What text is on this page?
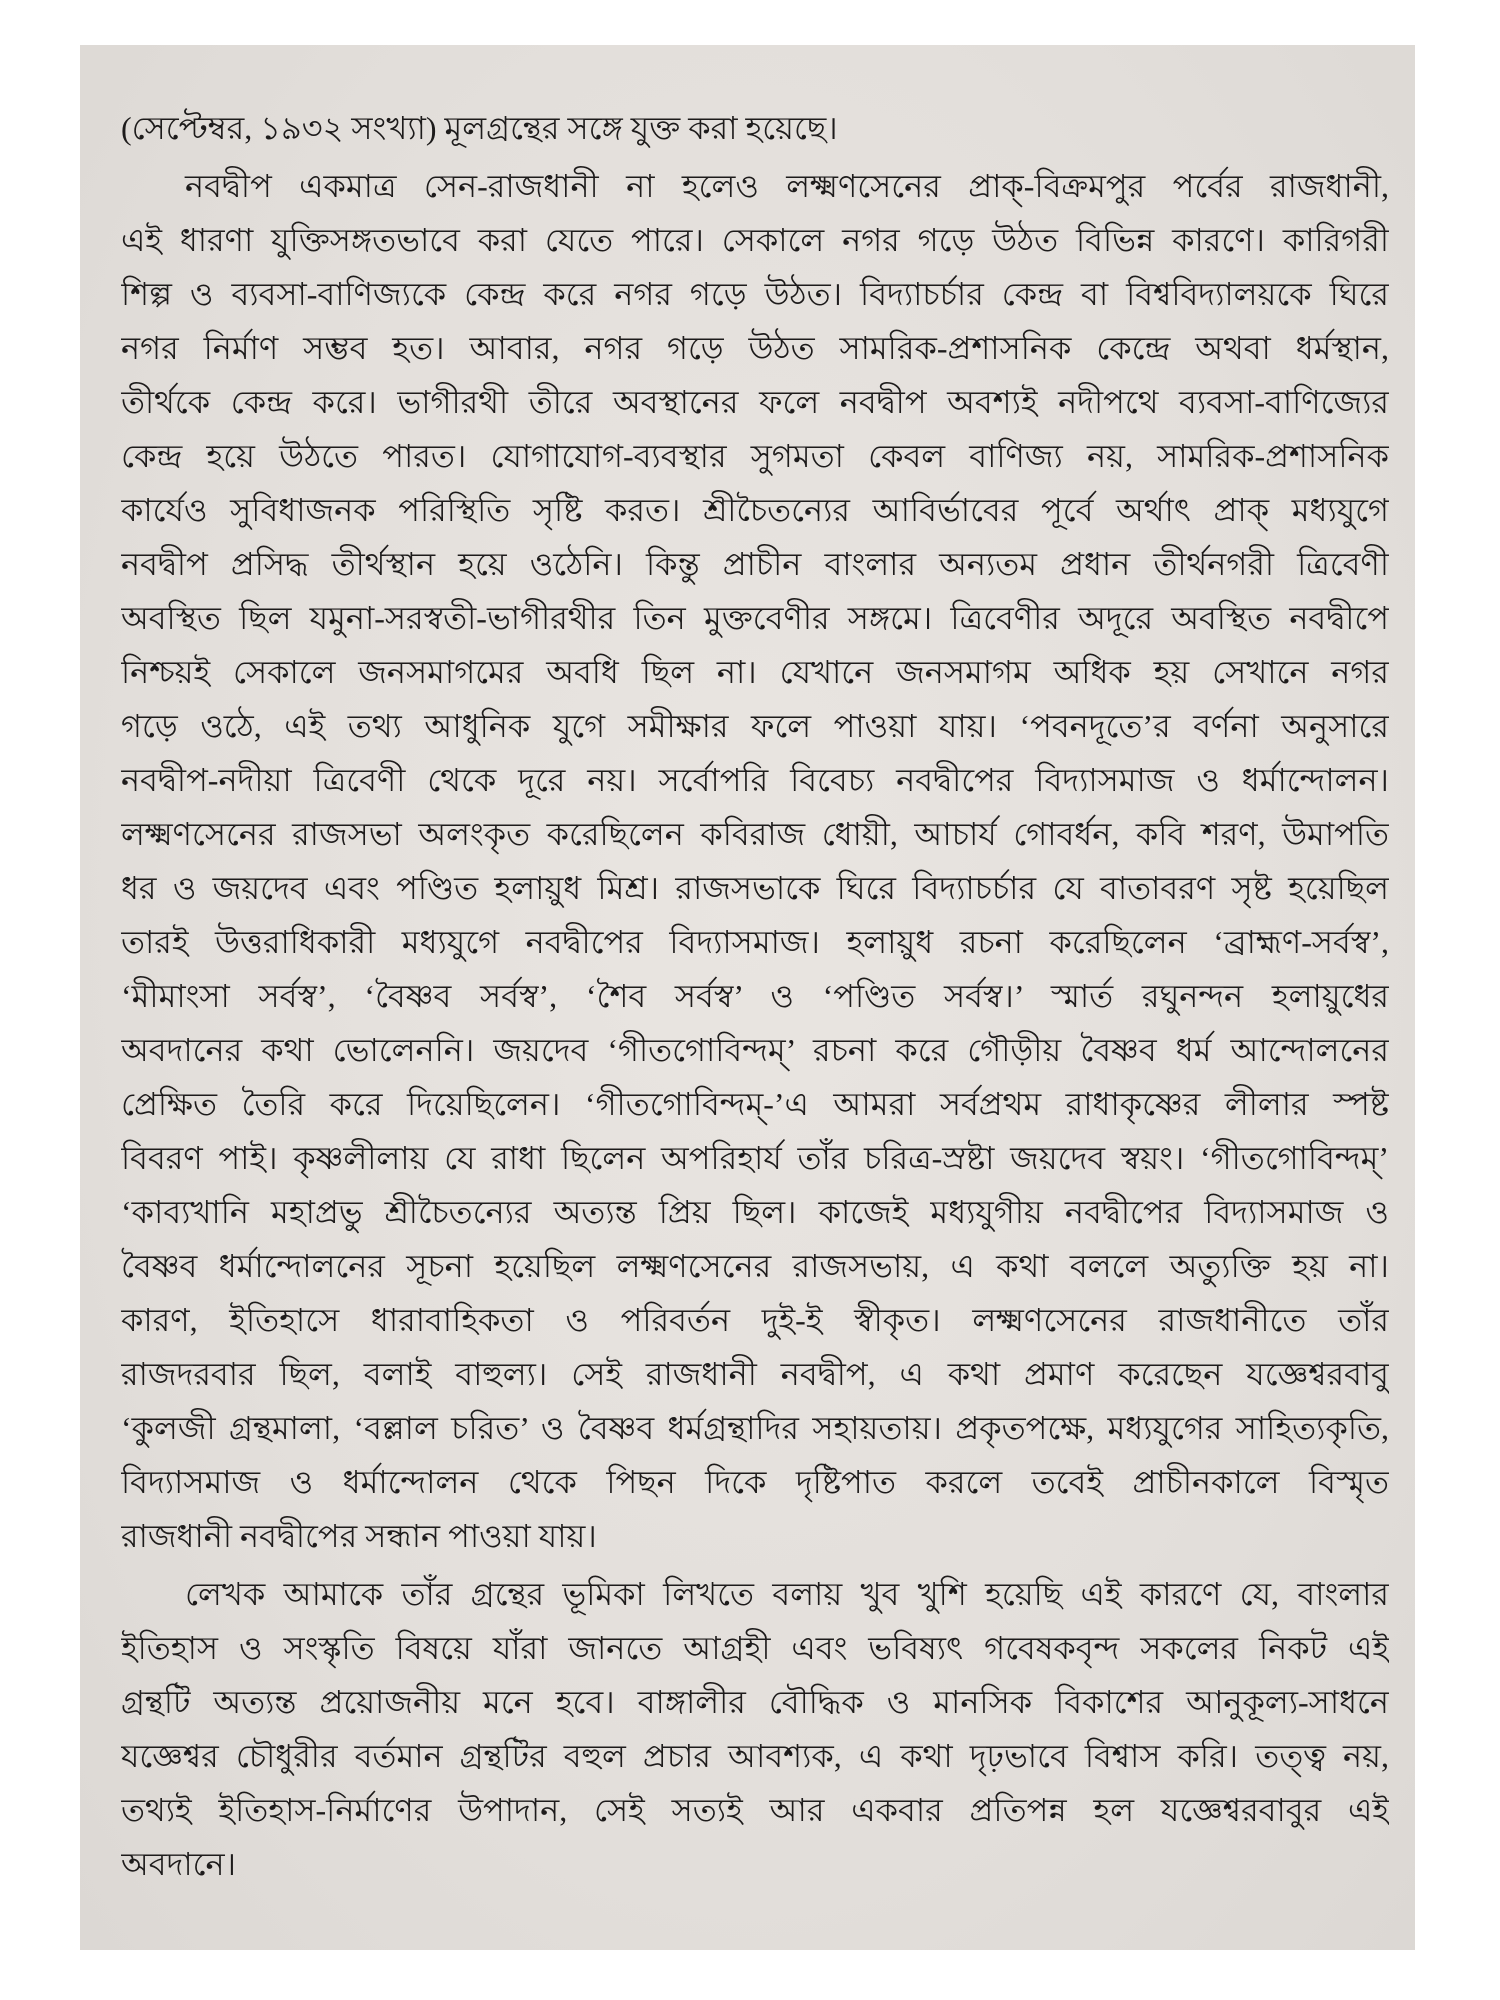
(সেপ্টেম্বর, ১৯৩২ সংখ্যা) মূলগ্রন্থের সঙ্গে যুক্ত করা হয়েছে।
নবদ্বীপ একমাত্র সেন-রাজধানী না হলেও লক্ষ্মণসেনের প্রাক্-বিক্রমপুর পর্বের রাজধানী,
এই ধারণা যুক্তিসঙ্গতভাবে করা যেতে পারে। সেকালে নগর গড়ে উঠত বিভিন্ন কারণে। কারিগরী
শিল্প ও ব্যবসা-বাণিজ্যকে কেন্দ্র করে নগর গড়ে উঠত। বিদ্যাচর্চার কেন্দ্র বা বিশ্ববিদ্যালয়কে ঘিরে
নগর নির্মাণ সম্ভব হত। আবার, নগর গড়ে উঠত সামরিক-প্রশাসনিক কেন্দ্রে অথবা ধর্মস্থান,
তীর্থকে কেন্দ্র করে। ভাগীরথী তীরে অবস্থানের ফলে নবদ্বীপ অবশ্যই নদীপথে ব্যবসা-বাণিজ্যের
কেন্দ্র হয়ে উঠতে পারত। যোগাযোগ-ব্যবস্থার সুগমতা কেবল বাণিজ্য নয়, সামরিক-প্রশাসনিক
কার্যেও সুবিধাজনক পরিস্থিতি সৃষ্টি করত। শ্রীচৈতন্যের আবির্ভাবের পূর্বে অর্থাৎ প্রাক্ মধ্যযুগে
নবদ্বীপ প্রসিদ্ধ তীর্থস্থান হয়ে ওঠেনি। কিন্তু প্রাচীন বাংলার অন্যতম প্রধান তীর্থনগরী ত্রিবেণী
অবস্থিত ছিল যমুনা-সরস্বতী-ভাগীরথীর তিন মুক্তবেণীর সঙ্গমে। ত্রিবেণীর অদূরে অবস্থিত নবদ্বীপে
নিশ্চয়ই সেকালে জনসমাগমের অবধি ছিল না। যেখানে জনসমাগম অধিক হয় সেখানে নগর
গড়ে ওঠে, এই তথ্য আধুনিক যুগে সমীক্ষার ফলে পাওয়া যায়। ‘পবনদূতে’র বর্ণনা অনুসারে
নবদ্বীপ-নদীয়া ত্রিবেণী থেকে দূরে নয়। সর্বোপরি বিবেচ্য নবদ্বীপের বিদ্যাসমাজ ও ধর্মান্দোলন।
লক্ষ্মণসেনের রাজসভা অলংকৃত করেছিলেন কবিরাজ ধোয়ী, আচার্য গোবর্ধন, কবি শরণ, উমাপতি
ধর ও জয়দেব এবং পণ্ডিত হলায়ুধ মিশ্র। রাজসভাকে ঘিরে বিদ্যাচর্চার যে বাতাবরণ সৃষ্ট হয়েছিল
তারই উত্তরাধিকারী মধ্যযুগে নবদ্বীপের বিদ্যাসমাজ। হলায়ুধ রচনা করেছিলেন ‘ব্রাহ্মণ-সর্বস্ব’,
‘মীমাংসা সর্বস্ব’, ‘বৈষ্ণব সর্বস্ব’, ‘শৈব সর্বস্ব’ ও ‘পণ্ডিত সর্বস্ব।’ স্মার্ত রঘুনন্দন হলায়ুধের
অবদানের কথা ভোলেননি। জয়দেব ‘গীতগোবিন্দম্’ রচনা করে গৌড়ীয় বৈষ্ণব ধর্ম আন্দোলনের
প্রেক্ষিত তৈরি করে দিয়েছিলেন। ‘গীতগোবিন্দম্-’এ আমরা সর্বপ্রথম রাধাকৃষ্ণের লীলার স্পষ্ট
বিবরণ পাই। কৃষ্ণলীলায় যে রাধা ছিলেন অপরিহার্য তাঁর চরিত্র-স্রষ্টা জয়দেব স্বয়ং। ‘গীতগোবিন্দম্’
‘কাব্যখানি মহাপ্রভু শ্রীচৈতন্যের অত্যন্ত প্রিয় ছিল। কাজেই মধ্যযুগীয় নবদ্বীপের বিদ্যাসমাজ ও
বৈষ্ণব ধর্মান্দোলনের সূচনা হয়েছিল লক্ষ্মণসেনের রাজসভায়, এ কথা বললে অত্যুক্তি হয় না।
কারণ, ইতিহাসে ধারাবাহিকতা ও পরিবর্তন দুই-ই স্বীকৃত। লক্ষ্মণসেনের রাজধানীতে তাঁর
রাজদরবার ছিল, বলাই বাহুল্য। সেই রাজধানী নবদ্বীপ, এ কথা প্রমাণ করেছেন যজ্ঞেশ্বরবাবু
‘কুলজী গ্রন্থমালা, ‘বল্লাল চরিত’ ও বৈষ্ণব ধর্মগ্রন্থাদির সহায়তায়। প্রকৃতপক্ষে, মধ্যযুগের সাহিত্যকৃতি,
বিদ্যাসমাজ ও ধর্মান্দোলন থেকে পিছন দিকে দৃষ্টিপাত করলে তবেই প্রাচীনকালে বিস্মৃত
রাজধানী নবদ্বীপের সন্ধান পাওয়া যায়।
লেখক আমাকে তাঁর গ্রন্থের ভূমিকা লিখতে বলায় খুব খুশি হয়েছি এই কারণে যে, বাংলার
ইতিহাস ও সংস্কৃতি বিষয়ে যাঁরা জানতে আগ্রহী এবং ভবিষ্যৎ গবেষকবৃন্দ সকলের নিকট এই
গ্রন্থটি অত্যন্ত প্রয়োজনীয় মনে হবে। বাঙ্গালীর বৌদ্ধিক ও মানসিক বিকাশের আনুকূল্য-সাধনে
যজ্ঞেশ্বর চৌধুরীর বর্তমান গ্রন্থটির বহুল প্রচার আবশ্যক, এ কথা দৃঢ়ভাবে বিশ্বাস করি। তত্ত্ব নয়,
তথ্যই ইতিহাস-নির্মাণের উপাদান, সেই সত্যই আর একবার প্রতিপন্ন হল যজ্ঞেশ্বরবাবুর এই
অবদানে।
